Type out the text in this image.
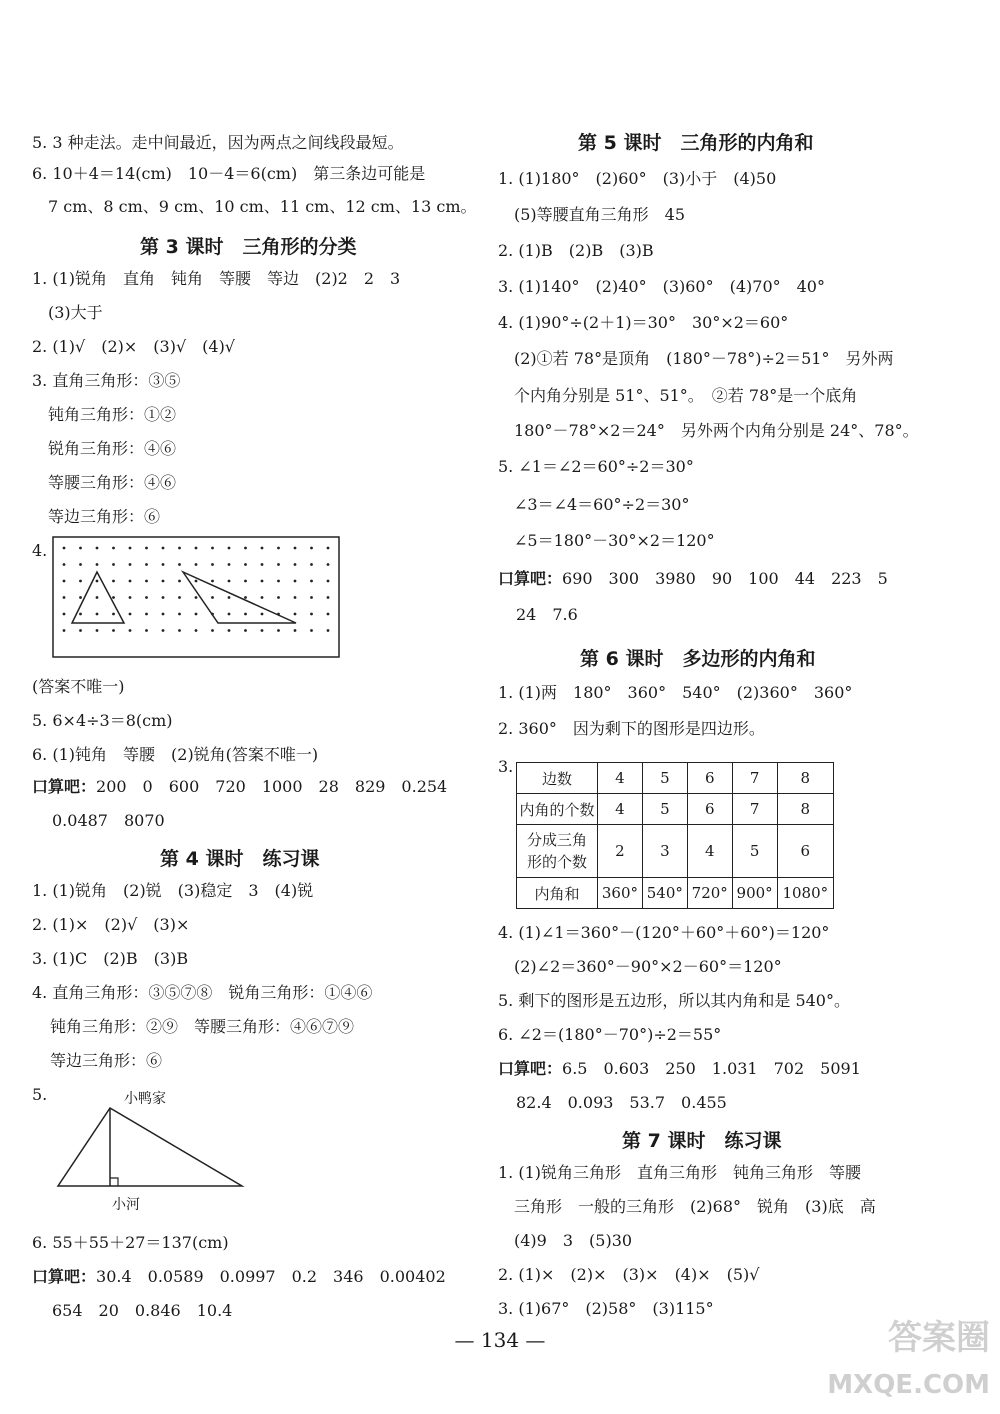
5. 3 种走法。走中间最近，因为两点之间线段最短。
6. 10＋4＝14(cm)　10－4＝6(cm)　第三条边可能是
7 cm、8 cm、9 cm、10 cm、11 cm、12 cm、13 cm。
第 3 课时　三角形的分类
1. (1)锐角　直角　钝角　等腰　等边　(2)2　2　3
(3)大于
2. (1)√　(2)×　(3)√　(4)√
3. 直角三角形：③⑤
钝角三角形：①②
锐角三角形：④⑥
等腰三角形：④⑥
等边三角形：⑥
4.
(答案不唯一)
5. 6×4÷3＝8(cm)
6. (1)钝角　等腰　(2)锐角(答案不唯一)
口算吧：200　0　600　720　1000　28　829　0.254
0.0487　8070
第 4 课时　练习课
1. (1)锐角　(2)锐　(3)稳定　3　(4)锐
2. (1)×　(2)√　(3)×
3. (1)C　(2)B　(3)B
4. 直角三角形：③⑤⑦⑧　锐角三角形：①④⑥
钝角三角形：②⑨　等腰三角形：④⑥⑦⑨
等边三角形：⑥
5.	小鸭家
小河
6. 55＋55＋27＝137(cm)
口算吧：30.4　0.0589　0.0997　0.2　346　0.00402
654　20　0.846　10.4
第 5 课时　三角形的内角和
1. (1)180°　(2)60°　(3)小于　(4)50
(5)等腰直角三角形　45
2. (1)B　(2)B　(3)B
3. (1)140°　(2)40°　(3)60°　(4)70°　40°
4. (1)90°÷(2＋1)＝30°　30°×2＝60°
(2)①若 78°是顶角　(180°－78°)÷2＝51°　另外两
个内角分别是 51°、51°。　②若 78°是一个底角
180°－78°×2＝24°　另外两个内角分别是 24°、78°。
5. ∠1＝∠2＝60°÷2＝30°
∠3＝∠4＝60°÷2＝30°
∠5＝180°－30°×2＝120°
口算吧：690　300　3980　90　100　44　223　5
24　7.6
第 6 课时　多边形的内角和
1. (1)两　180°　360°　540°　(2)360°　360°
2. 360°　因为剩下的图形是四边形。
3.
边数	4	5	6	7	8
内角的个数	4	5	6	7	8
分成三角
形的个数	2	3	4	5	6
内角和	360°	540°	720°	900°	1080°
4. (1)∠1＝360°－(120°＋60°＋60°)＝120°
(2)∠2＝360°－90°×2－60°＝120°
5. 剩下的图形是五边形，所以其内角和是 540°。
6. ∠2＝(180°－70°)÷2＝55°
口算吧：6.5　0.603　250　1.031　702　5091
82.4　0.093　53.7　0.455
第 7 课时　练习课
1. (1)锐角三角形　直角三角形　钝角三角形　等腰
三角形　一般的三角形　(2)68°　锐角　(3)底　高
(4)9　3　(5)30
2. (1)×　(2)×　(3)×　(4)×　(5)√
3. (1)67°　(2)58°　(3)115°
— 134 —	答案圈
MXQE.COM
